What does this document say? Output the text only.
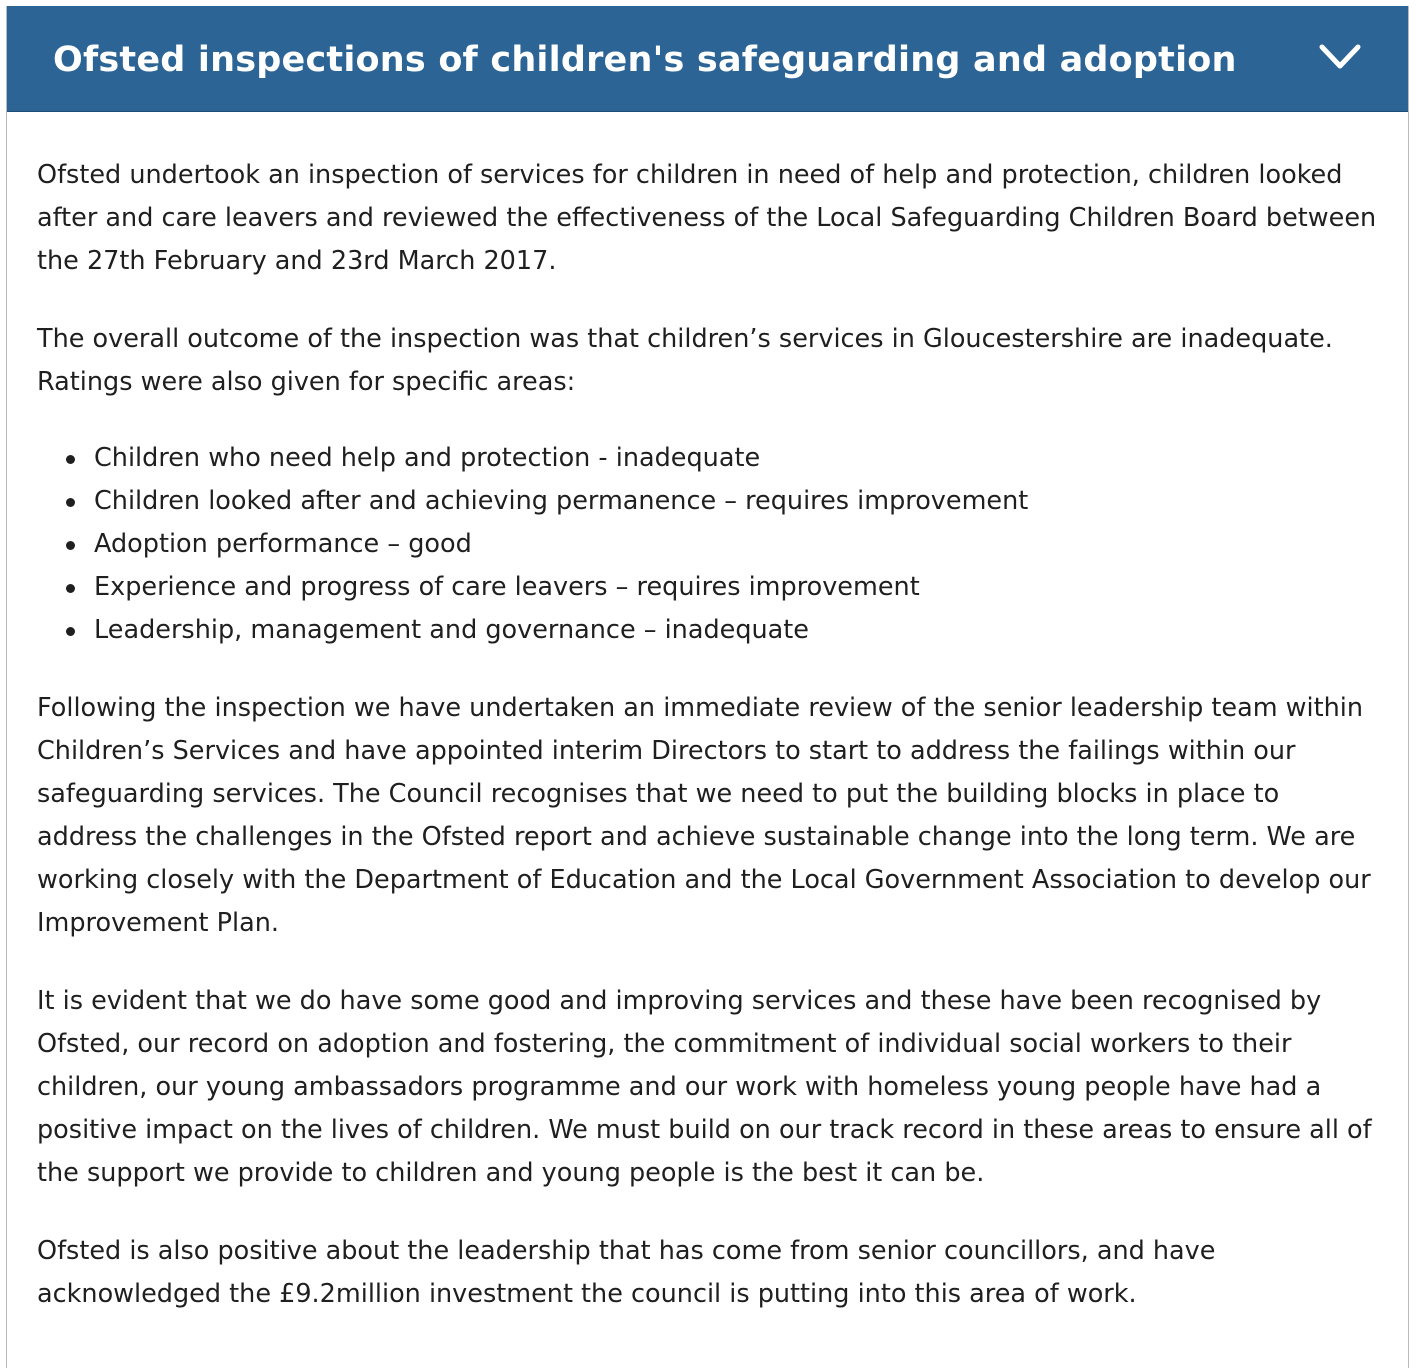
Ofsted inspections of children's safeguarding and adoption

Ofsted undertook an inspection of services for children in need of help and protection, children looked after and care leavers and reviewed the effectiveness of the Local Safeguarding Children Board between the 27th February and 23rd March 2017.

The overall outcome of the inspection was that children’s services in Gloucestershire are inadequate. Ratings were also given for specific areas:

Children who need help and protection - inadequate
Children looked after and achieving permanence – requires improvement
Adoption performance – good
Experience and progress of care leavers – requires improvement
Leadership, management and governance – inadequate

Following the inspection we have undertaken an immediate review of the senior leadership team within Children’s Services and have appointed interim Directors to start to address the failings within our safeguarding services. The Council recognises that we need to put the building blocks in place to address the challenges in the Ofsted report and achieve sustainable change into the long term. We are working closely with the Department of Education and the Local Government Association to develop our Improvement Plan.

It is evident that we do have some good and improving services and these have been recognised by Ofsted, our record on adoption and fostering, the commitment of individual social workers to their children, our young ambassadors programme and our work with homeless young people have had a positive impact on the lives of children. We must build on our track record in these areas to ensure all of the support we provide to children and young people is the best it can be.

Ofsted is also positive about the leadership that has come from senior councillors, and have acknowledged the £9.2million investment the council is putting into this area of work.
